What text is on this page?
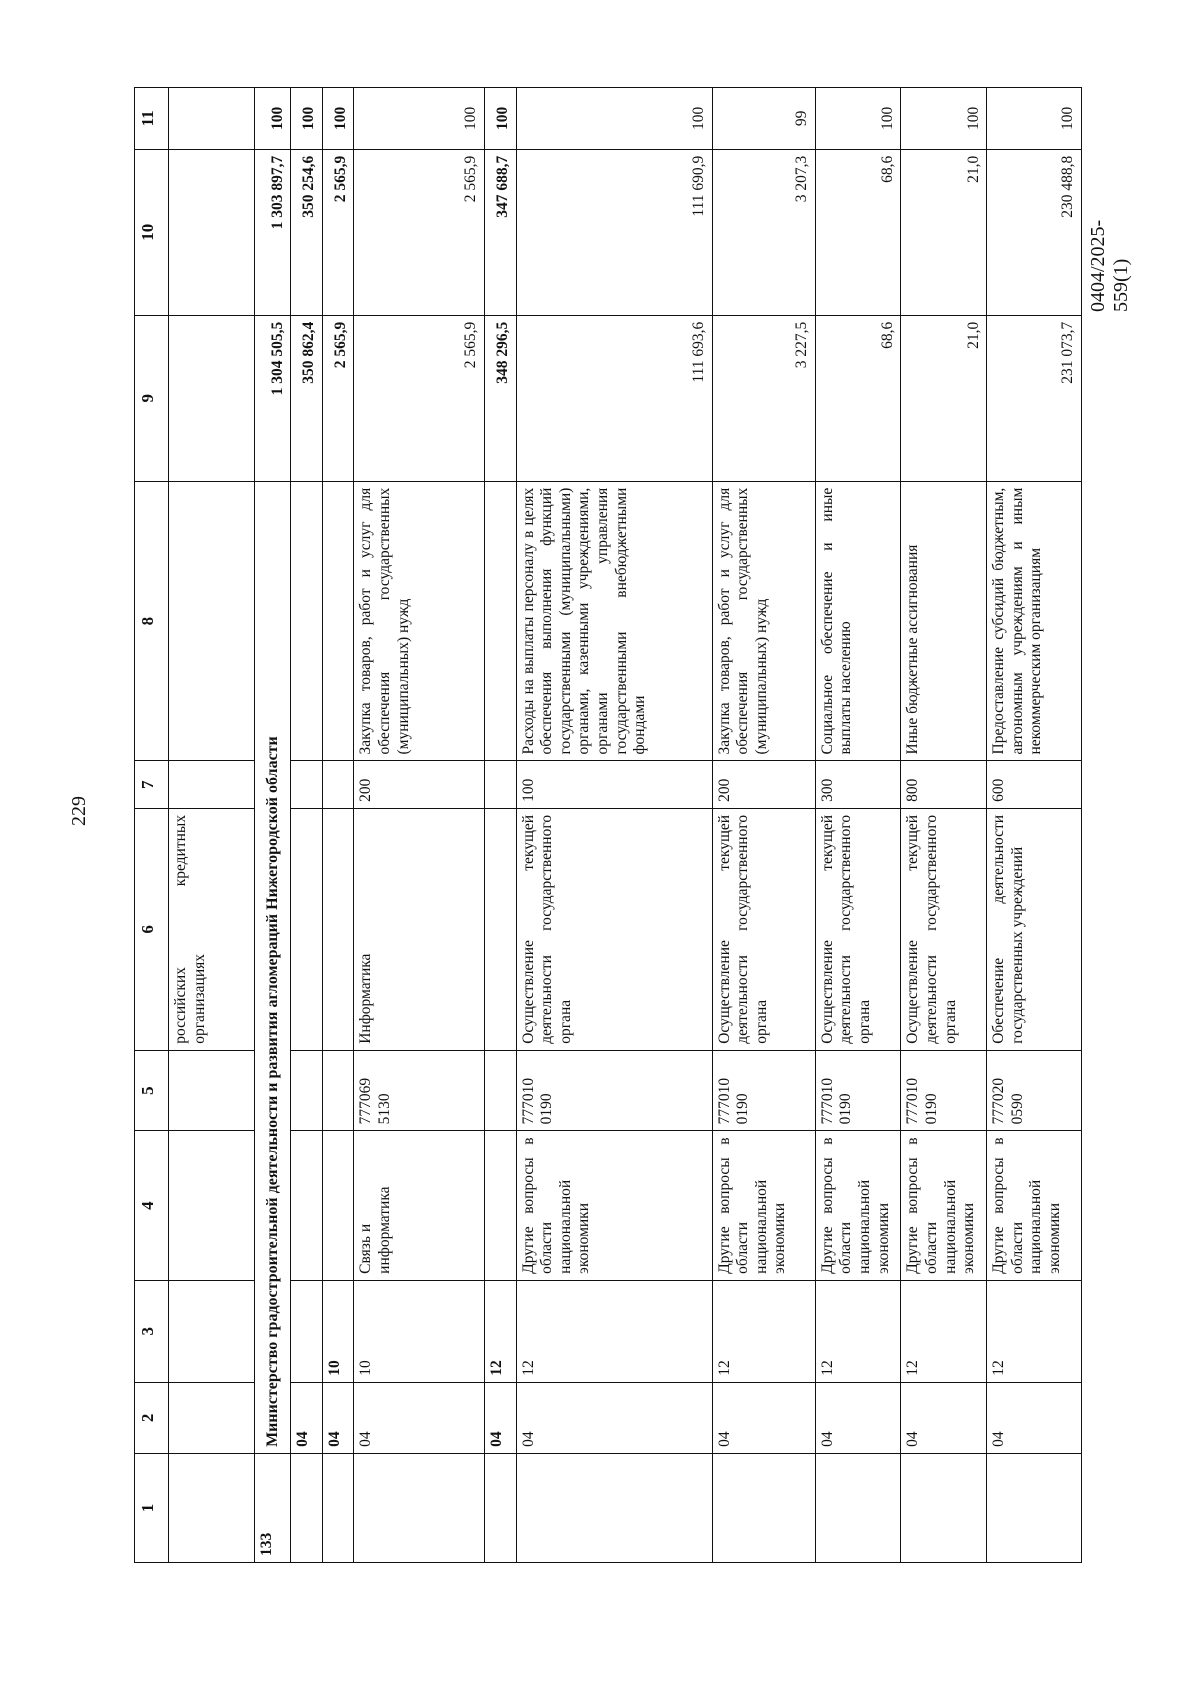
229
0404/2025-559(1)
1	2	3	4	5	6	7	8	9	10	11
					российских кредитных организациях					
133	Министерство градостроительной деятельности и развития агломераций Нижегородской области							1 304 505,5	1 303 897,7	100
	04							350 862,4	350 254,6	100
	04	10						2 565,9	2 565,9	100
	04	10	Связь и информатика	777069 5130	Информатика	200	Закупка товаров, работ и услуг для обеспечения государственных (муниципальных) нужд	2 565,9	2 565,9	100
	04	12						348 296,5	347 688,7	100
	04	12	Другие вопросы в области национальной экономики	777010 0190	Осуществление текущей деятельности государственного органа	100	Расходы на выплаты персоналу в целях обеспечения выполнения функций государственными (муниципальными) органами, казенными учреждениями, органами управления государственными внебюджетными фондами	111 693,6	111 690,9	100
	04	12	Другие вопросы в области национальной экономики	777010 0190	Осуществление текущей деятельности государственного органа	200	Закупка товаров, работ и услуг для обеспечения государственных (муниципальных) нужд	3 227,5	3 207,3	99
	04	12	Другие вопросы в области национальной экономики	777010 0190	Осуществление текущей деятельности государственного органа	300	Социальное обеспечение и иные выплаты населению	68,6	68,6	100
	04	12	Другие вопросы в области национальной экономики	777010 0190	Осуществление текущей деятельности государственного органа	800	Иные бюджетные ассигнования	21,0	21,0	100
	04	12	Другие вопросы в области национальной экономики	777020 0590	Обеспечение деятельности государственных учреждений	600	Предоставление субсидий бюджетным, автономным учреждениям и иным некоммерческим организациям	231 073,7	230 488,8	100
